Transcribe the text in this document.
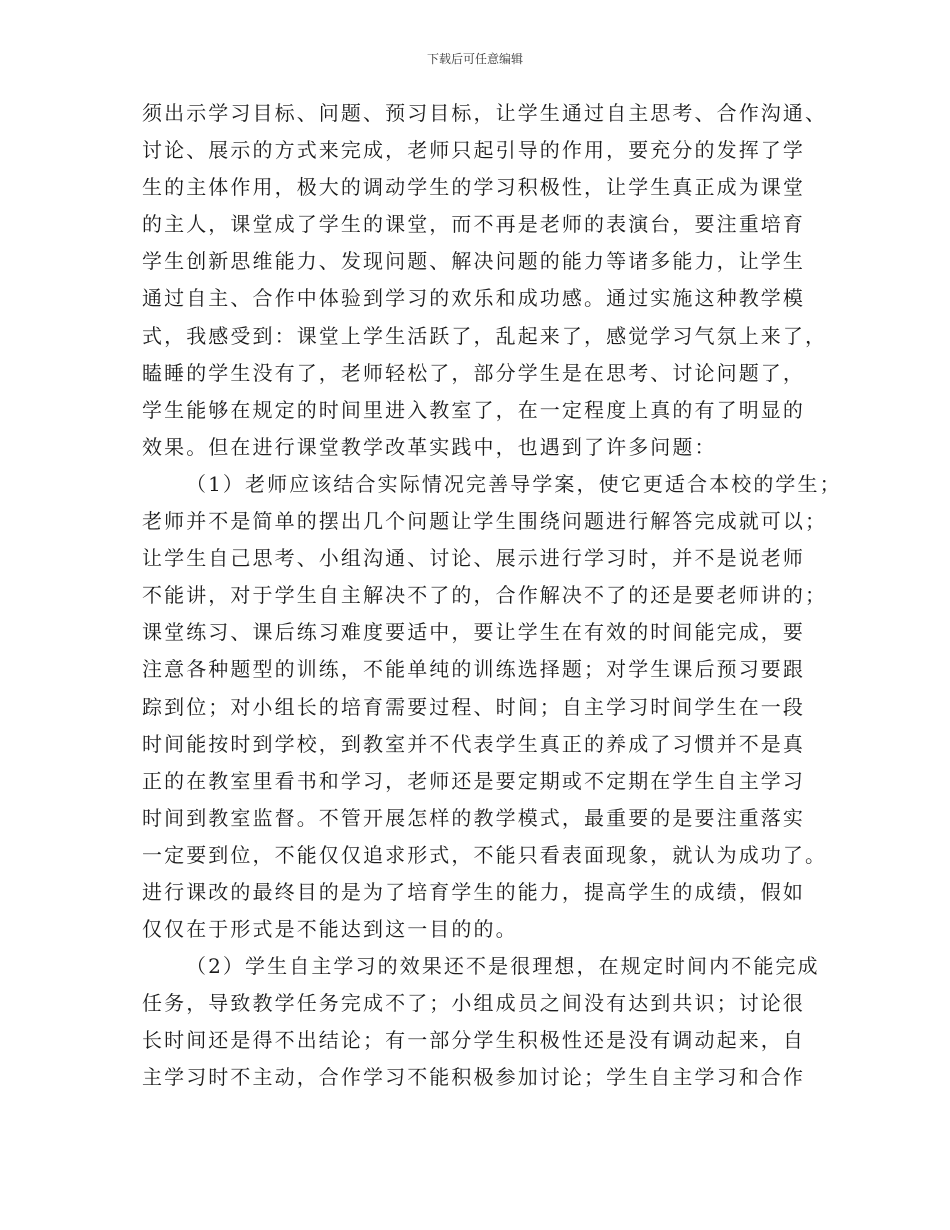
下载后可任意编辑
须出示学习目标、问题、预习目标，让学生通过自主思考、合作沟通、
讨论、展示的方式来完成，老师只起引导的作用，要充分的发挥了学
生的主体作用，极大的调动学生的学习积极性，让学生真正成为课堂
的主人，课堂成了学生的课堂，而不再是老师的表演台，要注重培育
学生创新思维能力、发现问题、解决问题的能力等诸多能力，让学生
通过自主、合作中体验到学习的欢乐和成功感。通过实施这种教学模
式，我感受到：课堂上学生活跃了，乱起来了，感觉学习气氛上来了，
瞌睡的学生没有了，老师轻松了，部分学生是在思考、讨论问题了，
学生能够在规定的时间里进入教室了，在一定程度上真的有了明显的
效果。但在进行课堂教学改革实践中，也遇到了许多问题：
（1）老师应该结合实际情况完善导学案，使它更适合本校的学生；
老师并不是简单的摆出几个问题让学生围绕问题进行解答完成就可以；
让学生自己思考、小组沟通、讨论、展示进行学习时，并不是说老师
不能讲，对于学生自主解决不了的，合作解决不了的还是要老师讲的；
课堂练习、课后练习难度要适中，要让学生在有效的时间能完成，要
注意各种题型的训练，不能单纯的训练选择题；对学生课后预习要跟
踪到位；对小组长的培育需要过程、时间；自主学习时间学生在一段
时间能按时到学校，到教室并不代表学生真正的养成了习惯并不是真
正的在教室里看书和学习，老师还是要定期或不定期在学生自主学习
时间到教室监督。不管开展怎样的教学模式，最重要的是要注重落实
一定要到位，不能仅仅追求形式，不能只看表面现象，就认为成功了。
进行课改的最终目的是为了培育学生的能力，提高学生的成绩，假如
仅仅在于形式是不能达到这一目的的。
（2）学生自主学习的效果还不是很理想，在规定时间内不能完成
任务，导致教学任务完成不了；小组成员之间没有达到共识；讨论很
长时间还是得不出结论；有一部分学生积极性还是没有调动起来，自
主学习时不主动，合作学习不能积极参加讨论；学生自主学习和合作
